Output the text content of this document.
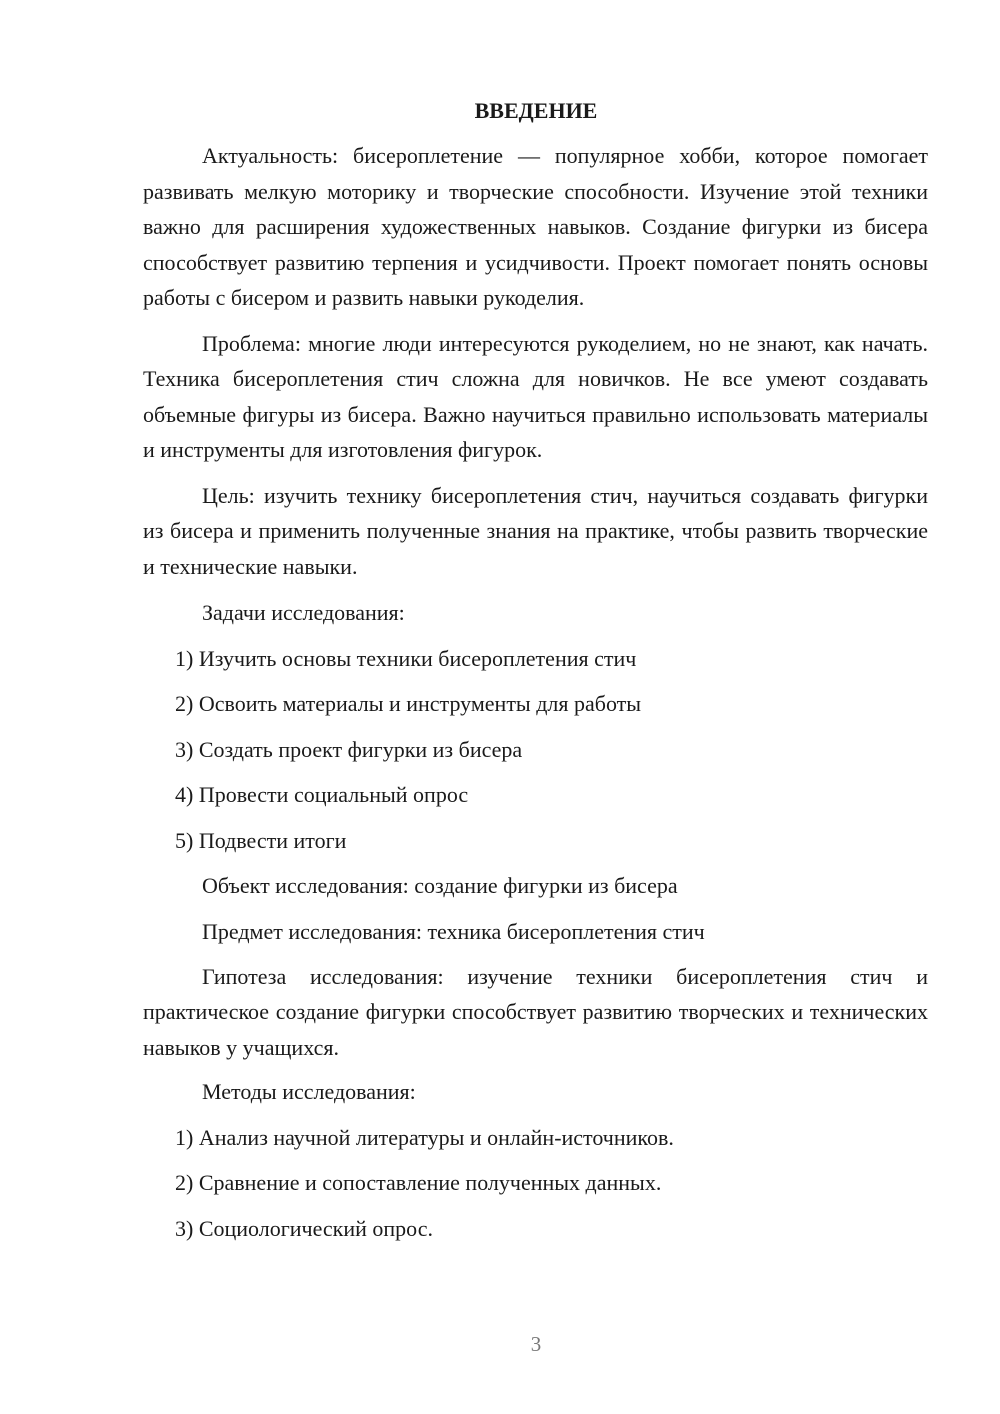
ВВЕДЕНИЕ

Актуальность: бисероплетение — популярное хобби, которое помогает развивать мелкую моторику и творческие способности. Изучение этой техники важно для расширения художественных навыков. Создание фигурки из бисера способствует развитию терпения и усидчивости. Проект помогает понять основы работы с бисером и развить навыки рукоделия.

Проблема: многие люди интересуются рукоделием, но не знают, как начать. Техника бисероплетения стич сложна для новичков. Не все умеют создавать объемные фигуры из бисера. Важно научиться правильно использовать материалы и инструменты для изготовления фигурок.

Цель: изучить технику бисероплетения стич, научиться создавать фигурки из бисера и применить полученные знания на практике, чтобы развить творческие и технические навыки.

Задачи исследования:
1) Изучить основы техники бисероплетения стич
2) Освоить материалы и инструменты для работы
3) Создать проект фигурки из бисера
4) Провести социальный опрос
5) Подвести итоги
Объект исследования: создание фигурки из бисера
Предмет исследования: техника бисероплетения стич

Гипотеза исследования: изучение техники бисероплетения стич и практическое создание фигурки способствует развитию творческих и технических навыков у учащихся.

Методы исследования:
1) Анализ научной литературы и онлайн-источников.
2) Сравнение и сопоставление полученных данных.
3) Социологический опрос.
3
